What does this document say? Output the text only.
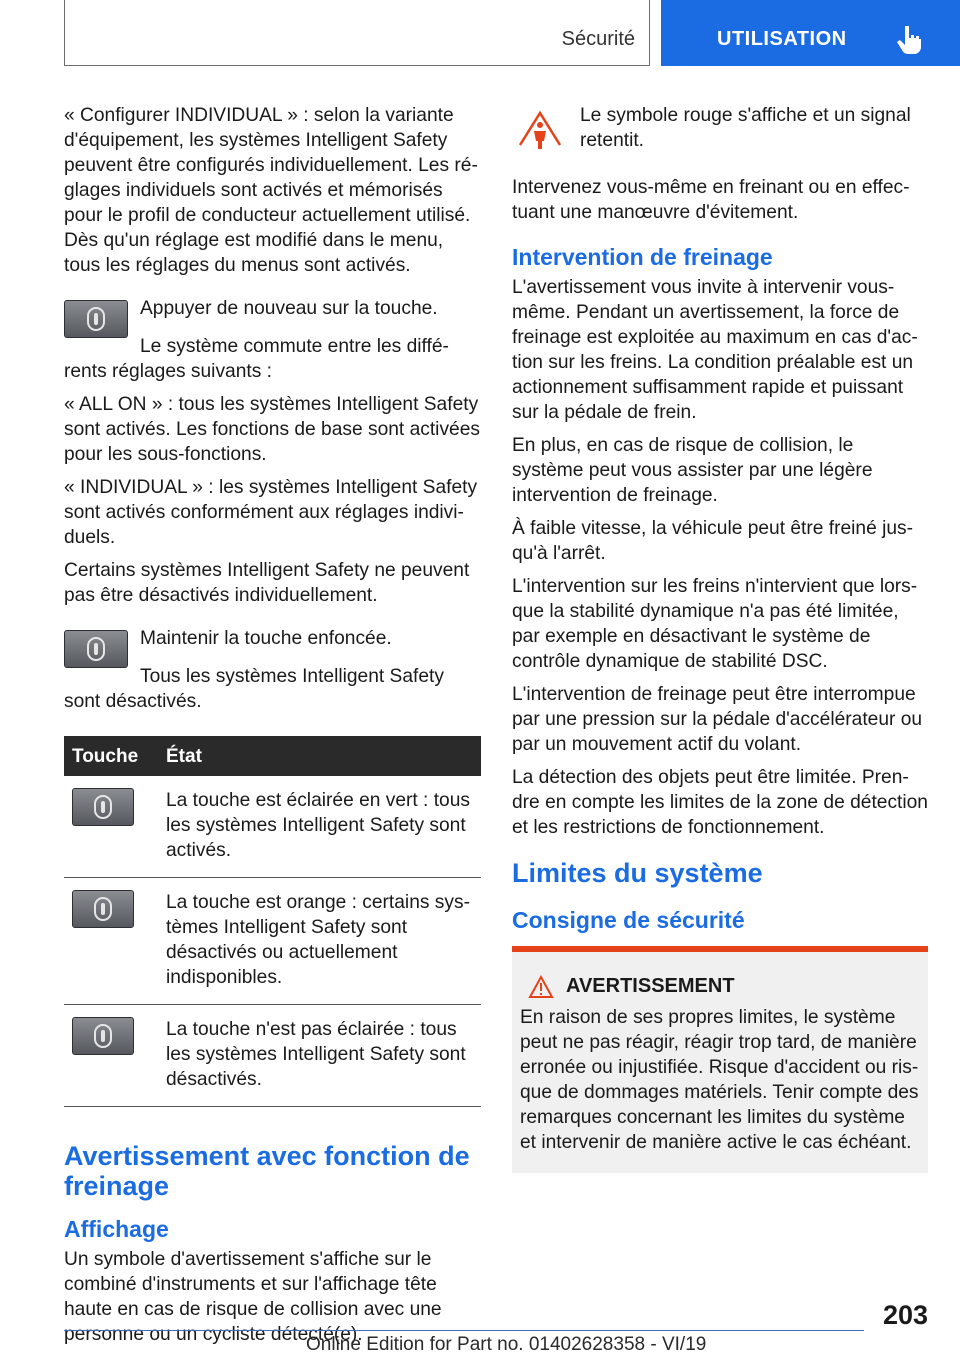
Sécurité	UTILISATION

« Configurer INDIVIDUAL » : selon la variante d'équipement, les systèmes Intelligent Safety peuvent être configurés individuellement. Les réglages individuels sont activés et mémorisés pour le profil de conducteur actuellement utilisé. Dès qu'un réglage est modifié dans le menu, tous les réglages du menus sont activés.

Appuyer de nouveau sur la touche.

Le système commute entre les différents réglages suivants :

« ALL ON » : tous les systèmes Intelligent Safety sont activés. Les fonctions de base sont activées pour les sous-fonctions.

« INDIVIDUAL » : les systèmes Intelligent Safety sont activés conformément aux réglages individuels.

Certains systèmes Intelligent Safety ne peuvent pas être désactivés individuellement.

Maintenir la touche enfoncée.

Tous les systèmes Intelligent Safety sont désactivés.

Touche	État

	La touche est éclairée en vert : tous les systèmes Intelligent Safety sont activés.

	La touche est orange : certains systèmes Intelligent Safety sont désactivés ou actuellement indisponibles.

	La touche n'est pas éclairée : tous les systèmes Intelligent Safety sont désactivés.
Avertissement avec fonction de freinage
Affichage

Un symbole d'avertissement s'affiche sur le combiné d'instruments et sur l'affichage tête haute en cas de risque de collision avec une personne ou un cycliste détecté(e).

Le symbole rouge s'affiche et un signal retentit.

Intervenez vous-même en freinant ou en effectuant une manœuvre d'évitement.

Intervention de freinage

L'avertissement vous invite à intervenir vous-même. Pendant un avertissement, la force de freinage est exploitée au maximum en cas d'action sur les freins. La condition préalable est un actionnement suffisamment rapide et puissant sur la pédale de frein.

En plus, en cas de risque de collision, le système peut vous assister par une légère intervention de freinage.

À faible vitesse, la véhicule peut être freiné jusqu'à l'arrêt.

L'intervention sur les freins n'intervient que lorsque la stabilité dynamique n'a pas été limitée, par exemple en désactivant le système de contrôle dynamique de stabilité DSC.

L'intervention de freinage peut être interrompue par une pression sur la pédale d'accélérateur ou par un mouvement actif du volant.

La détection des objets peut être limitée. Prendre en compte les limites de la zone de détection et les restrictions de fonctionnement.

Limites du système
Consigne de sécurité
AVERTISSEMENT

En raison de ses propres limites, le système peut ne pas réagir, réagir trop tard, de manière erronée ou injustifiée. Risque d'accident ou risque de dommages matériels. Tenir compte des remarques concernant les limites du système et intervenir de manière active le cas échéant.

203
Online Edition for Part no. 01402628358 - VI/19
